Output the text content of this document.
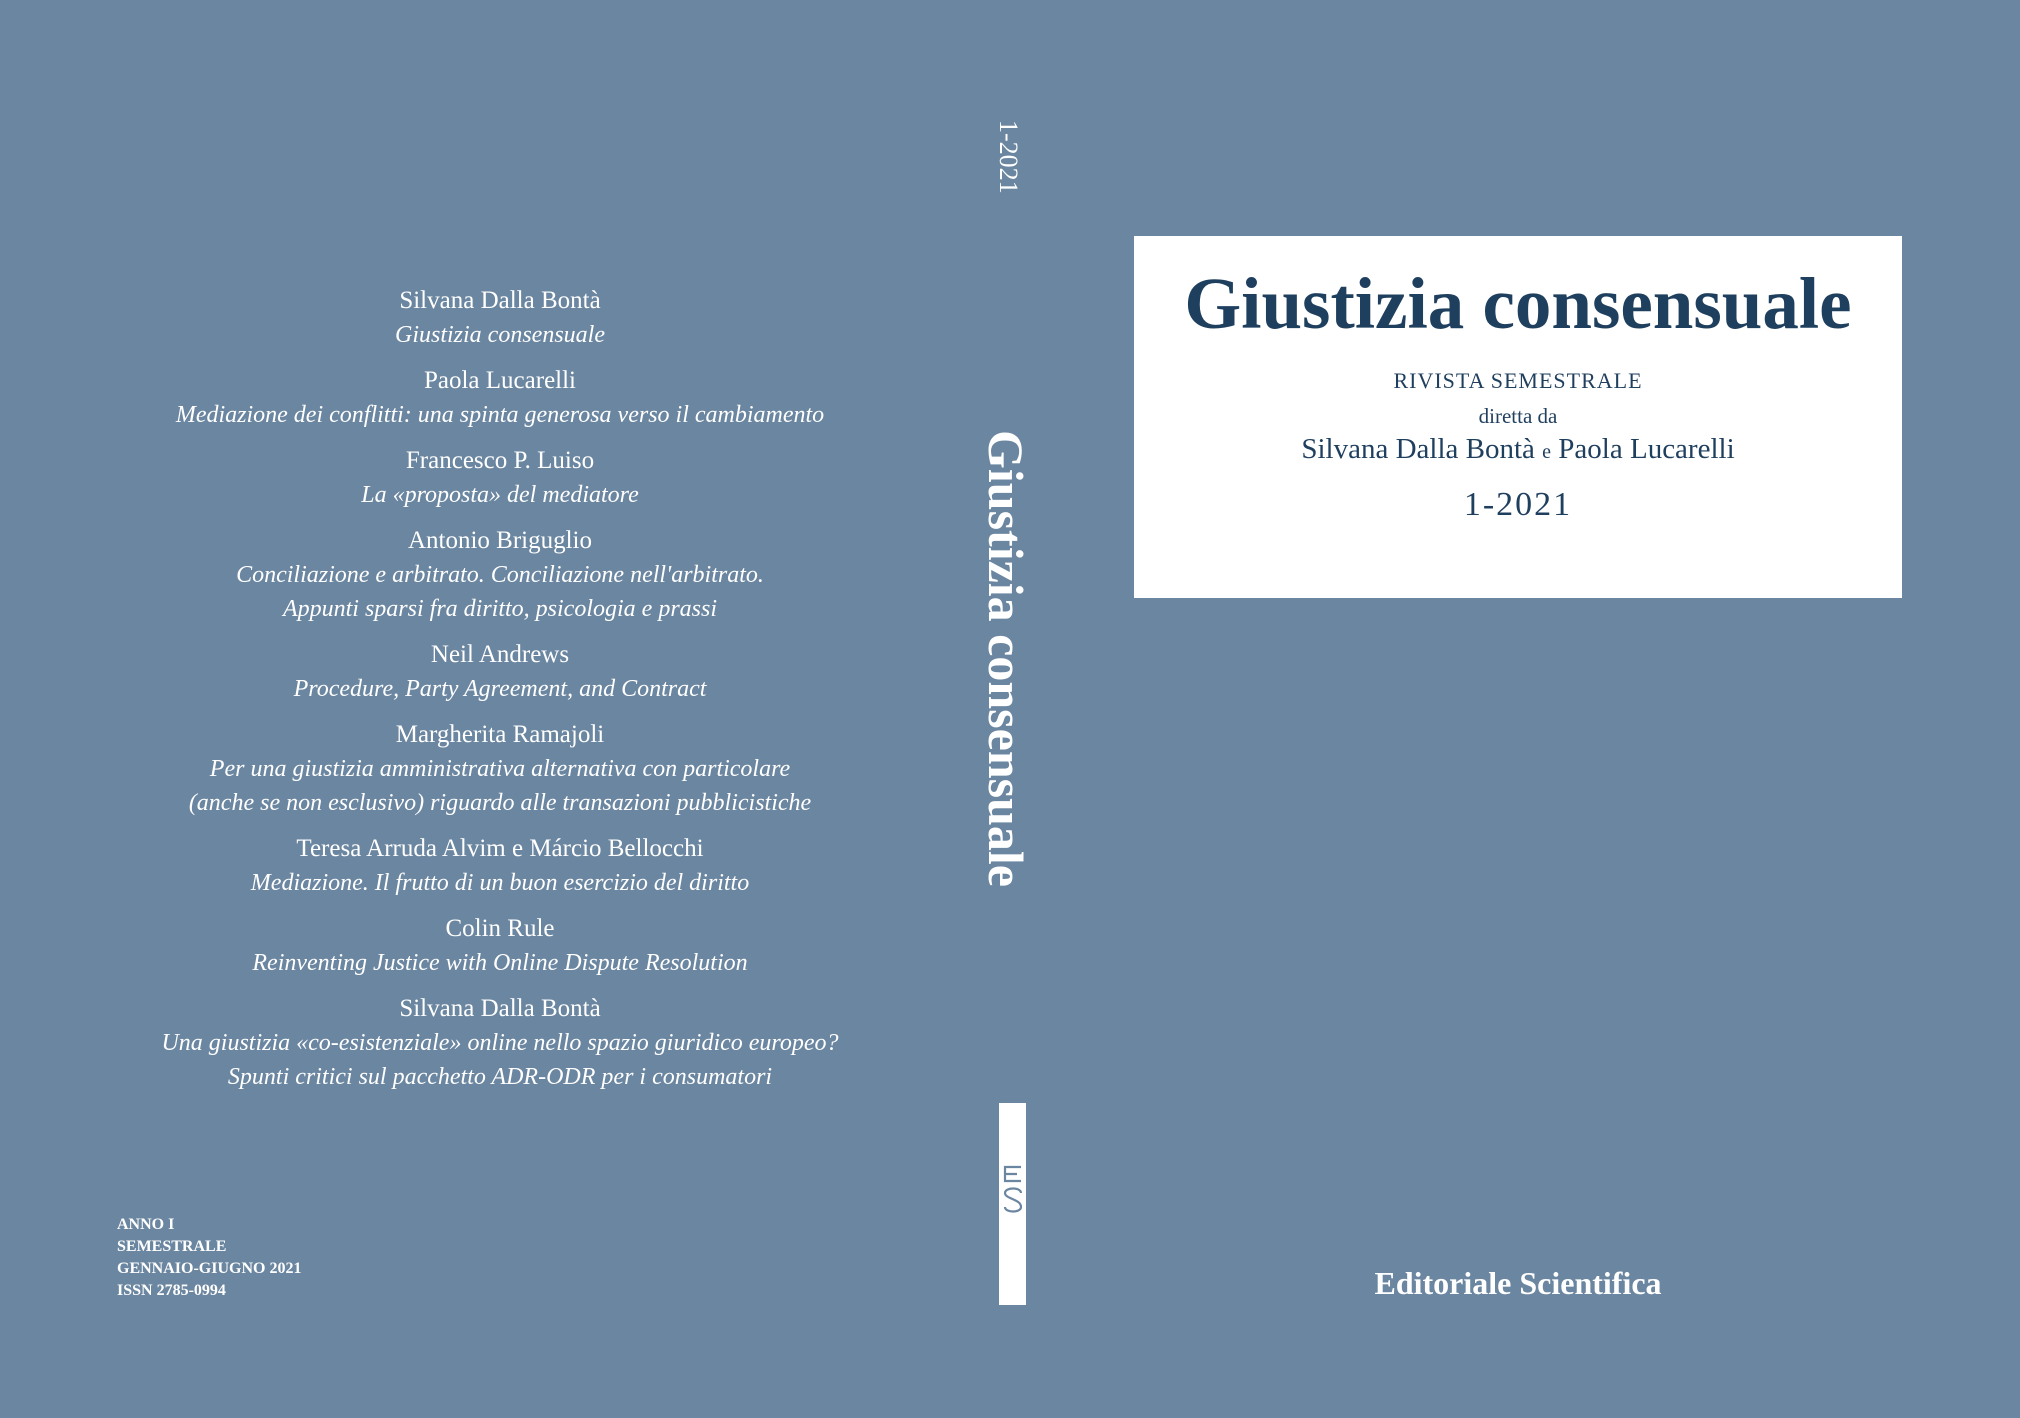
Silvana Dalla Bontà
Giustizia consensuale
Paola Lucarelli
Mediazione dei conflitti: una spinta generosa verso il cambiamento
Francesco P. Luiso
La «proposta» del mediatore
Antonio Briguglio
Conciliazione e arbitrato. Conciliazione nell'arbitrato.
Appunti sparsi fra diritto, psicologia e prassi
Neil Andrews
Procedure, Party Agreement, and Contract
Margherita Ramajoli
Per una giustizia amministrativa alternativa con particolare
(anche se non esclusivo) riguardo alle transazioni pubblicistiche
Teresa Arruda Alvim e Márcio Bellocchi
Mediazione. Il frutto di un buon esercizio del diritto
Colin Rule
Reinventing Justice with Online Dispute Resolution
Silvana Dalla Bontà
Una giustizia «co-esistenziale» online nello spazio giuridico europeo?
Spunti critici sul pacchetto ADR-ODR per i consumatori
ANNO I
SEMESTRALE
GENNAIO-GIUGNO 2021
ISSN 2785-0994
1-2021
Giustizia consensuale
Giustizia consensuale
RIVISTA SEMESTRALE
diretta da
Silvana Dalla Bontà e Paola Lucarelli
1-2021
Editoriale Scientifica
